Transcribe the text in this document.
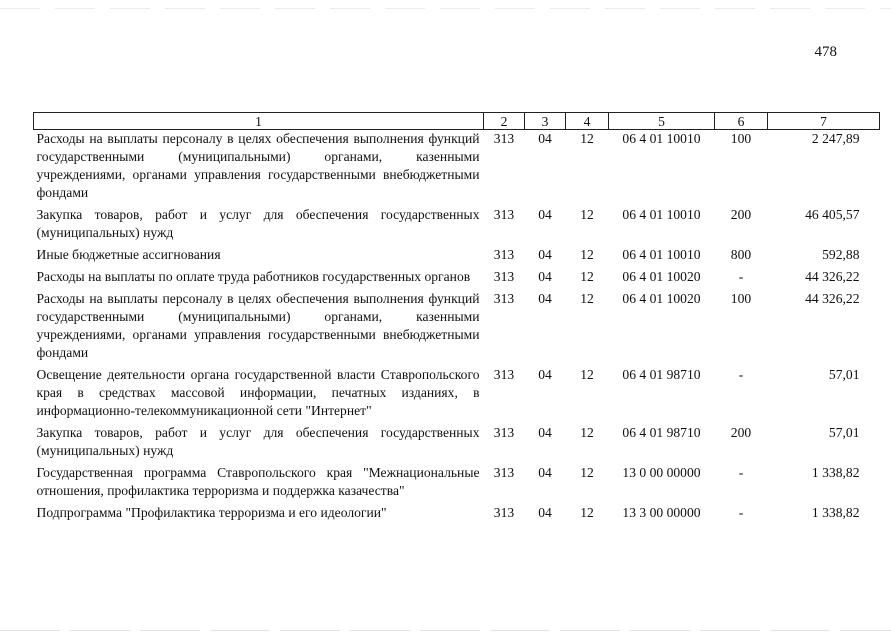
478
1	2	3	4	5	6	7
Расходы на выплаты персоналу в целях обеспечения выполнения функций государственными (муниципальными) органами, казенными учреждениями, органами управления государственными внебюджетными фондами	313	04	12	06 4 01 10010	100	2 247,89
Закупка товаров, работ и услуг для обеспечения государственных (муниципальных) нужд	313	04	12	06 4 01 10010	200	46 405,57
Иные бюджетные ассигнования	313	04	12	06 4 01 10010	800	592,88
Расходы на выплаты по оплате труда работников государственных органов	313	04	12	06 4 01 10020	-	44 326,22
Расходы на выплаты персоналу в целях обеспечения выполнения функций государственными (муниципальными) органами, казенными учреждениями, органами управления государственными внебюджетными фондами	313	04	12	06 4 01 10020	100	44 326,22
Освещение деятельности органа государственной власти Ставропольского края в средствах массовой информации, печатных изданиях, в информационно-телекоммуникационной сети "Интернет"	313	04	12	06 4 01 98710	-	57,01
Закупка товаров, работ и услуг для обеспечения государственных (муниципальных) нужд	313	04	12	06 4 01 98710	200	57,01
Государственная программа Ставропольского края "Межнациональные отношения, профилактика терроризма и поддержка казачества"	313	04	12	13 0 00 00000	-	1 338,82
Подпрограмма "Профилактика терроризма и его идеологии"	313	04	12	13 3 00 00000	-	1 338,82
